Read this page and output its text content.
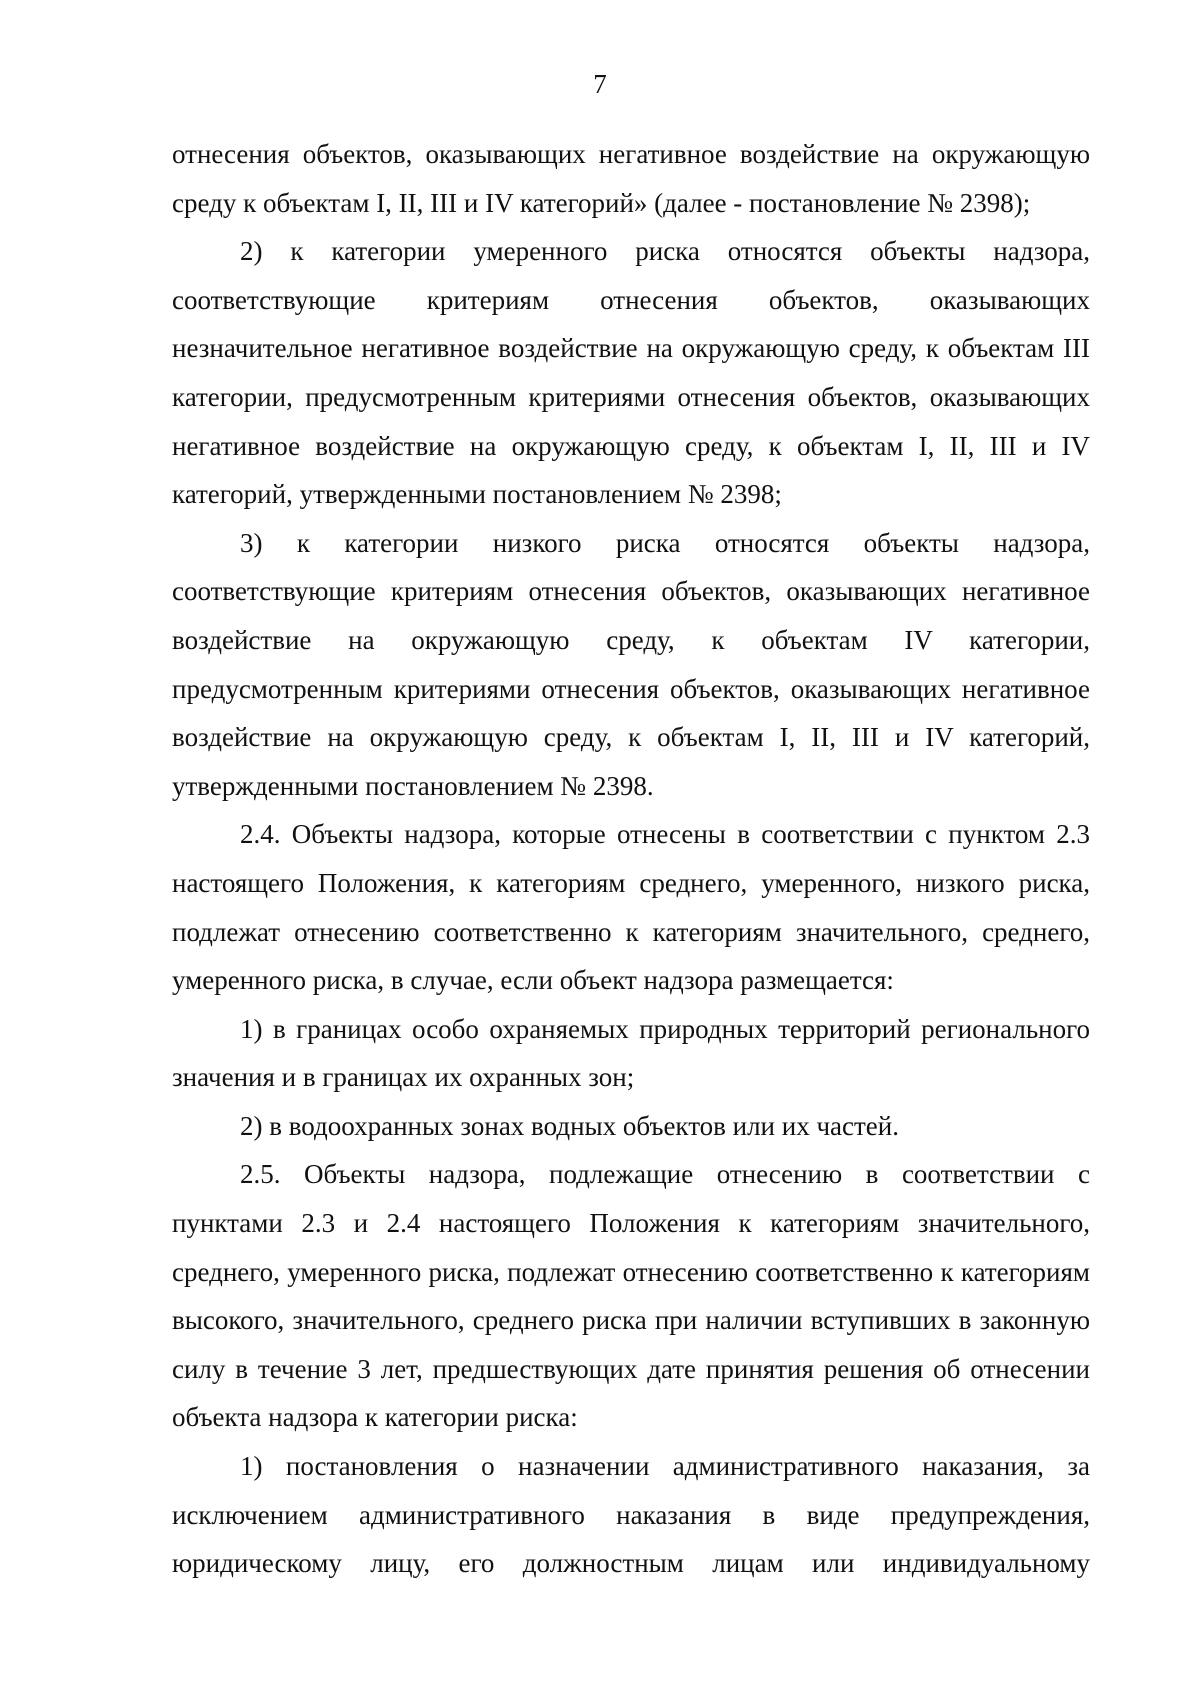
7

отнесения объектов, оказывающих негативное воздействие на окружающую среду к объектам I, II, III и IV категорий» (далее - постановление № 2398);

2) к категории умеренного риска относятся объекты надзора, соответствующие критериям отнесения объектов, оказывающих незначительное негативное воздействие на окружающую среду, к объектам III категории, предусмотренным критериями отнесения объектов, оказывающих негативное воздействие на окружающую среду, к объектам I, II, III и IV категорий, утвержденными постановлением № 2398;

3) к категории низкого риска относятся объекты надзора, соответствующие критериям отнесения объектов, оказывающих негативное воздействие на окружающую среду, к объектам IV категории, предусмотренным критериями отнесения объектов, оказывающих негативное воздействие на окружающую среду, к объектам I, II, III и IV категорий, утвержденными постановлением № 2398.

2.4. Объекты надзора, которые отнесены в соответствии с пунктом 2.3 настоящего Положения, к категориям среднего, умеренного, низкого риска, подлежат отнесению соответственно к категориям значительного, среднего, умеренного риска, в случае, если объект надзора размещается:

1) в границах особо охраняемых природных территорий регионального значения и в границах их охранных зон;

2) в водоохранных зонах водных объектов или их частей.

2.5. Объекты надзора, подлежащие отнесению в соответствии с пунктами 2.3 и 2.4 настоящего Положения к категориям значительного, среднего, умеренного риска, подлежат отнесению соответственно к категориям высокого, значительного, среднего риска при наличии вступивших в законную силу в течение 3 лет, предшествующих дате принятия решения об отнесении объекта надзора к категории риска:

1) постановления о назначении административного наказания, за исключением административного наказания в виде предупреждения, юридическому лицу, его должностным лицам или индивидуальному
